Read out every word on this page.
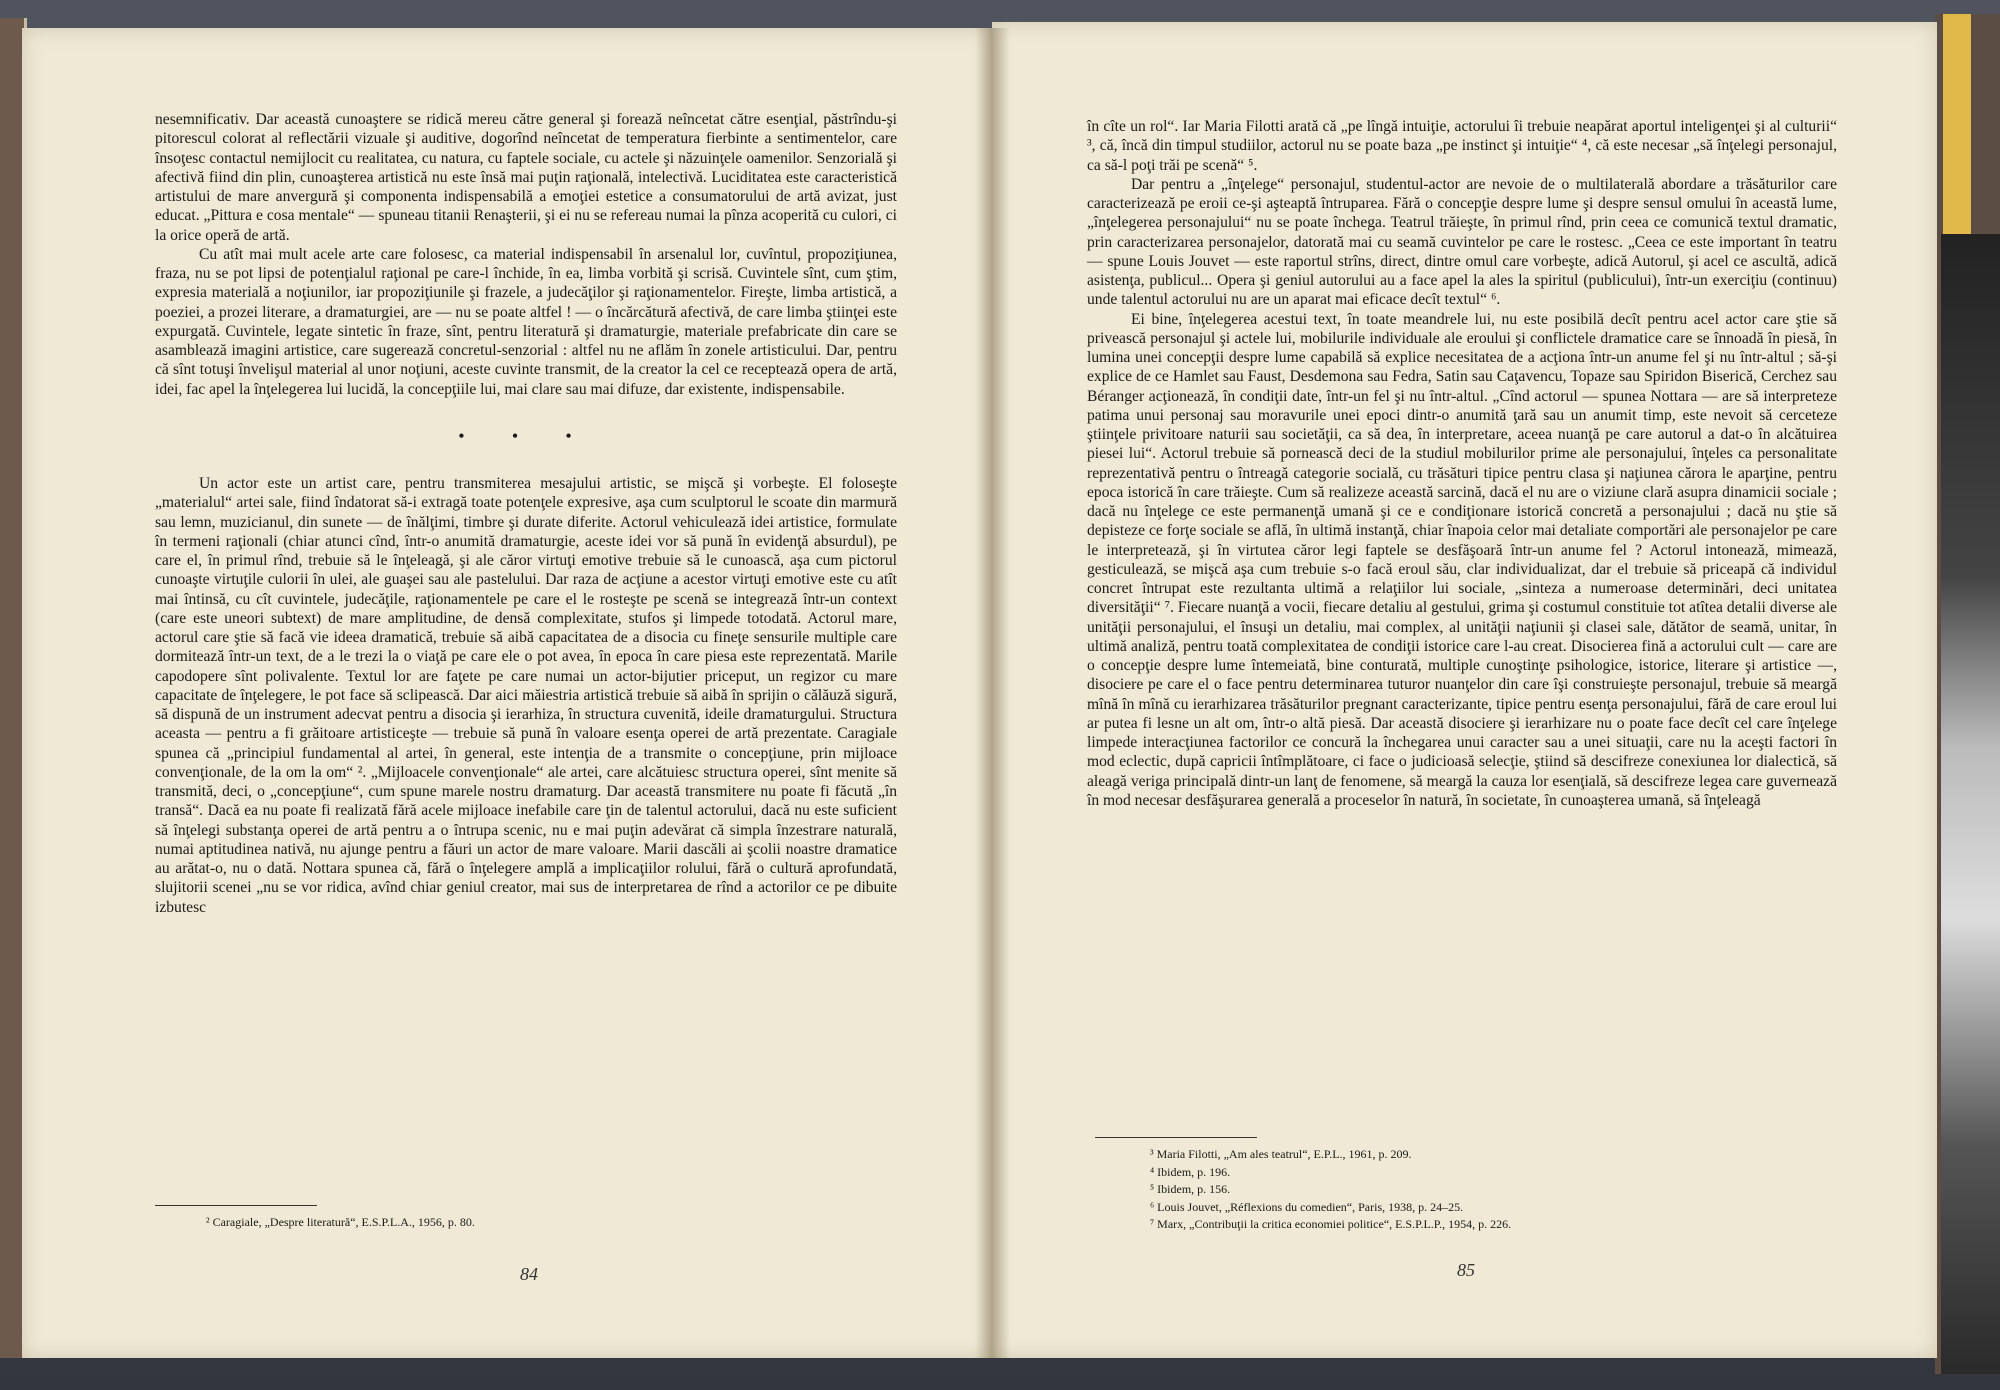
nesemnificativ. Dar această cunoaştere se ridică mereu către general şi forează neîncetat către esenţial, păstrîndu-şi pitorescul colorat al reflectării vizuale şi auditive, dogorînd neîncetat de temperatura fierbinte a sentimentelor, care însoţesc contactul nemijlocit cu realitatea, cu natura, cu faptele sociale, cu actele şi năzuinţele oamenilor. Senzorială şi afectivă fiind din plin, cunoaşterea artistică nu este însă mai puţin raţională, intelectivă. Luciditatea este caracteristică artistului de mare anvergură şi componenta indispensabilă a emoţiei estetice a consumatorului de artă avizat, just educat. „Pittura e cosa mentale“ — spuneau titanii Renaşterii, şi ei nu se refereau numai la pînza acoperită cu culori, ci la orice operă de artă.

Cu atît mai mult acele arte care folosesc, ca material indispensabil în arsenalul lor, cuvîntul, propoziţiunea, fraza, nu se pot lipsi de potenţialul raţional pe care-l închide, în ea, limba vorbită şi scrisă. Cuvintele sînt, cum ştim, expresia materială a noţiunilor, iar propoziţiunile şi frazele, a judecăţilor şi raţionamentelor. Fireşte, limba artistică, a poeziei, a prozei literare, a dramaturgiei, are — nu se poate altfel ! — o încărcătură afectivă, de care limba ştiinţei este expurgată. Cuvintele, legate sintetic în fraze, sînt, pentru literatură şi dramaturgie, materiale prefabricate din care se asamblează imagini artistice, care sugerează concretul-senzorial : altfel nu ne aflăm în zonele artisticului. Dar, pentru că sînt totuşi învelişul material al unor noţiuni, aceste cuvinte transmit, de la creator la cel ce receptează opera de artă, idei, fac apel la înţelegerea lui lucidă, la concepţiile lui, mai clare sau mai difuze, dar existente, indispensabile.

• • •

Un actor este un artist care, pentru transmiterea mesajului artistic, se mişcă şi vorbeşte. El foloseşte „materialul“ artei sale, fiind îndatorat să-i extragă toate potenţele expresive, aşa cum sculptorul le scoate din marmură sau lemn, muzicianul, din sunete — de înălţimi, timbre şi durate diferite. Actorul vehiculează idei artistice, formulate în termeni raţionali (chiar atunci cînd, într-o anumită dramaturgie, aceste idei vor să pună în evidenţă absurdul), pe care el, în primul rînd, trebuie să le înţeleagă, şi ale căror virtuţi emotive trebuie să le cunoască, aşa cum pictorul cunoaşte virtuţile culorii în ulei, ale guaşei sau ale pastelului. Dar raza de acţiune a acestor virtuţi emotive este cu atît mai întinsă, cu cît cuvintele, judecăţile, raţionamentele pe care el le rosteşte pe scenă se integrează într-un context (care este uneori subtext) de mare amplitudine, de densă complexitate, stufos şi limpede totodată. Actorul mare, actorul care ştie să facă vie ideea dramatică, trebuie să aibă capacitatea de a disocia cu fineţe sensurile multiple care dormitează într-un text, de a le trezi la o viaţă pe care ele o pot avea, în epoca în care piesa este reprezentată. Marile capodopere sînt polivalente. Textul lor are faţete pe care numai un actor-bijutier priceput, un regizor cu mare capacitate de înţelegere, le pot face să sclipească. Dar aici măiestria artistică trebuie să aibă în sprijin o călăuză sigură, să dispună de un instrument adecvat pentru a disocia şi ierarhiza, în structura cuvenită, ideile dramaturgului. Structura aceasta — pentru a fi grăitoare artisticeşte — trebuie să pună în valoare esenţa operei de artă prezentate. Caragiale spunea că „principiul fundamental al artei, în general, este intenţia de a transmite o concepţiune, prin mijloace convenţionale, de la om la om“ ². „Mijloacele convenţionale“ ale artei, care alcătuiesc structura operei, sînt menite să transmită, deci, o „concepţiune“, cum spune marele nostru dramaturg. Dar această transmitere nu poate fi făcută „în transă“. Dacă ea nu poate fi realizată fără acele mijloace inefabile care ţin de talentul actorului, dacă nu este suficient să înţelegi substanţa operei de artă pentru a o întrupa scenic, nu e mai puţin adevărat că simpla înzestrare naturală, numai aptitudinea nativă, nu ajunge pentru a făuri un actor de mare valoare. Marii dascăli ai şcolii noastre dramatice au arătat-o, nu o dată. Nottara spunea că, fără o înţelegere amplă a implicaţiilor rolului, fără o cultură aprofundată, slujitorii scenei „nu se vor ridica, avînd chiar geniul creator, mai sus de interpretarea de rînd a actorilor ce pe dibuite izbutesc

² Caragiale, „Despre literatură“, E.S.P.L.A., 1956, p. 80.
84

în cîte un rol“. Iar Maria Filotti arată că „pe lîngă intuiţie, actorului îi trebuie neapărat aportul inteligenţei şi al culturii“ ³, că, încă din timpul studiilor, actorul nu se poate baza „pe instinct şi intuiţie“ ⁴, că este necesar „să înţelegi personajul, ca să-l poţi trăi pe scenă“ ⁵.

Dar pentru a „înţelege“ personajul, studentul-actor are nevoie de o multilaterală abordare a trăsăturilor care caracterizează pe eroii ce-şi aşteaptă întruparea. Fără o concepţie despre lume şi despre sensul omului în această lume, „înţelegerea personajului“ nu se poate închega. Teatrul trăieşte, în primul rînd, prin ceea ce comunică textul dramatic, prin caracterizarea personajelor, datorată mai cu seamă cuvintelor pe care le rostesc. „Ceea ce este important în teatru — spune Louis Jouvet — este raportul strîns, direct, dintre omul care vorbeşte, adică Autorul, şi acel ce ascultă, adică asistenţa, publicul... Opera şi geniul autorului au a face apel la ales la spiritul (publicului), într-un exerciţiu (continuu) unde talentul actorului nu are un aparat mai eficace decît textul“ ⁶.

Ei bine, înţelegerea acestui text, în toate meandrele lui, nu este posibilă decît pentru acel actor care ştie să privească personajul şi actele lui, mobilurile individuale ale eroului şi conflictele dramatice care se înnoadă în piesă, în lumina unei concepţii despre lume capabilă să explice necesitatea de a acţiona într-un anume fel şi nu într-altul ; să-şi explice de ce Hamlet sau Faust, Desdemona sau Fedra, Satin sau Caţavencu, Topaze sau Spiridon Biserică, Cerchez sau Béranger acţionează, în condiţii date, într-un fel şi nu într-altul. „Cînd actorul — spunea Nottara — are să interpreteze patima unui personaj sau moravurile unei epoci dintr-o anumită ţară sau un anumit timp, este nevoit să cerceteze ştiinţele privitoare naturii sau societăţii, ca să dea, în interpretare, aceea nuanţă pe care autorul a dat-o în alcătuirea piesei lui“. Actorul trebuie să pornească deci de la studiul mobilurilor prime ale personajului, înţeles ca personalitate reprezentativă pentru o întreagă categorie socială, cu trăsături tipice pentru clasa şi naţiunea cărora le aparţine, pentru epoca istorică în care trăieşte. Cum să realizeze această sarcină, dacă el nu are o viziune clară asupra dinamicii sociale ; dacă nu înţelege ce este permanenţă umană şi ce e condiţionare istorică concretă a personajului ; dacă nu ştie să depisteze ce forţe sociale se află, în ultimă instanţă, chiar înapoia celor mai detaliate comportări ale personajelor pe care le interpretează, şi în virtutea căror legi faptele se desfăşoară într-un anume fel ? Actorul intonează, mimează, gesticulează, se mişcă aşa cum trebuie s-o facă eroul său, clar individualizat, dar el trebuie să priceapă că individul concret întrupat este rezultanta ultimă a relaţiilor lui sociale, „sinteza a numeroase determinări, deci unitatea diversităţii“ ⁷. Fiecare nuanţă a vocii, fiecare detaliu al gestului, grima şi costumul constituie tot atîtea detalii diverse ale unităţii personajului, el însuşi un detaliu, mai complex, al unităţii naţiunii şi clasei sale, dătător de seamă, unitar, în ultimă analiză, pentru toată complexitatea de condiţii istorice care l-au creat. Disocierea fină a actorului cult — care are o concepţie despre lume întemeiată, bine conturată, multiple cunoştinţe psihologice, istorice, literare şi artistice —, disociere pe care el o face pentru determinarea tuturor nuanţelor din care îşi construieşte personajul, trebuie să meargă mînă în mînă cu ierarhizarea trăsăturilor pregnant caracterizante, tipice pentru esenţa personajului, fără de care eroul lui ar putea fi lesne un alt om, într-o altă piesă. Dar această disociere şi ierarhizare nu o poate face decît cel care înţelege limpede interacţiunea factorilor ce concură la închegarea unui caracter sau a unei situaţii, care nu la aceşti factori în mod eclectic, după capricii întîmplătoare, ci face o judicioasă selecţie, ştiind să descifreze conexiunea lor dialectică, să aleagă veriga principală dintr-un lanţ de fenomene, să meargă la cauza lor esenţială, să descifreze legea care guvernează în mod necesar desfăşurarea generală a proceselor în natură, în societate, în cunoaşterea umană, să înţeleagă

³ Maria Filotti, „Am ales teatrul“, E.P.L., 1961, p. 209.
⁴ Ibidem, p. 196.
⁵ Ibidem, p. 156.
⁶ Louis Jouvet, „Réflexions du comedien“, Paris, 1938, p. 24–25.
⁷ Marx, „Contribuţii la critica economiei politice“, E.S.P.L.P., 1954, p. 226.
85
